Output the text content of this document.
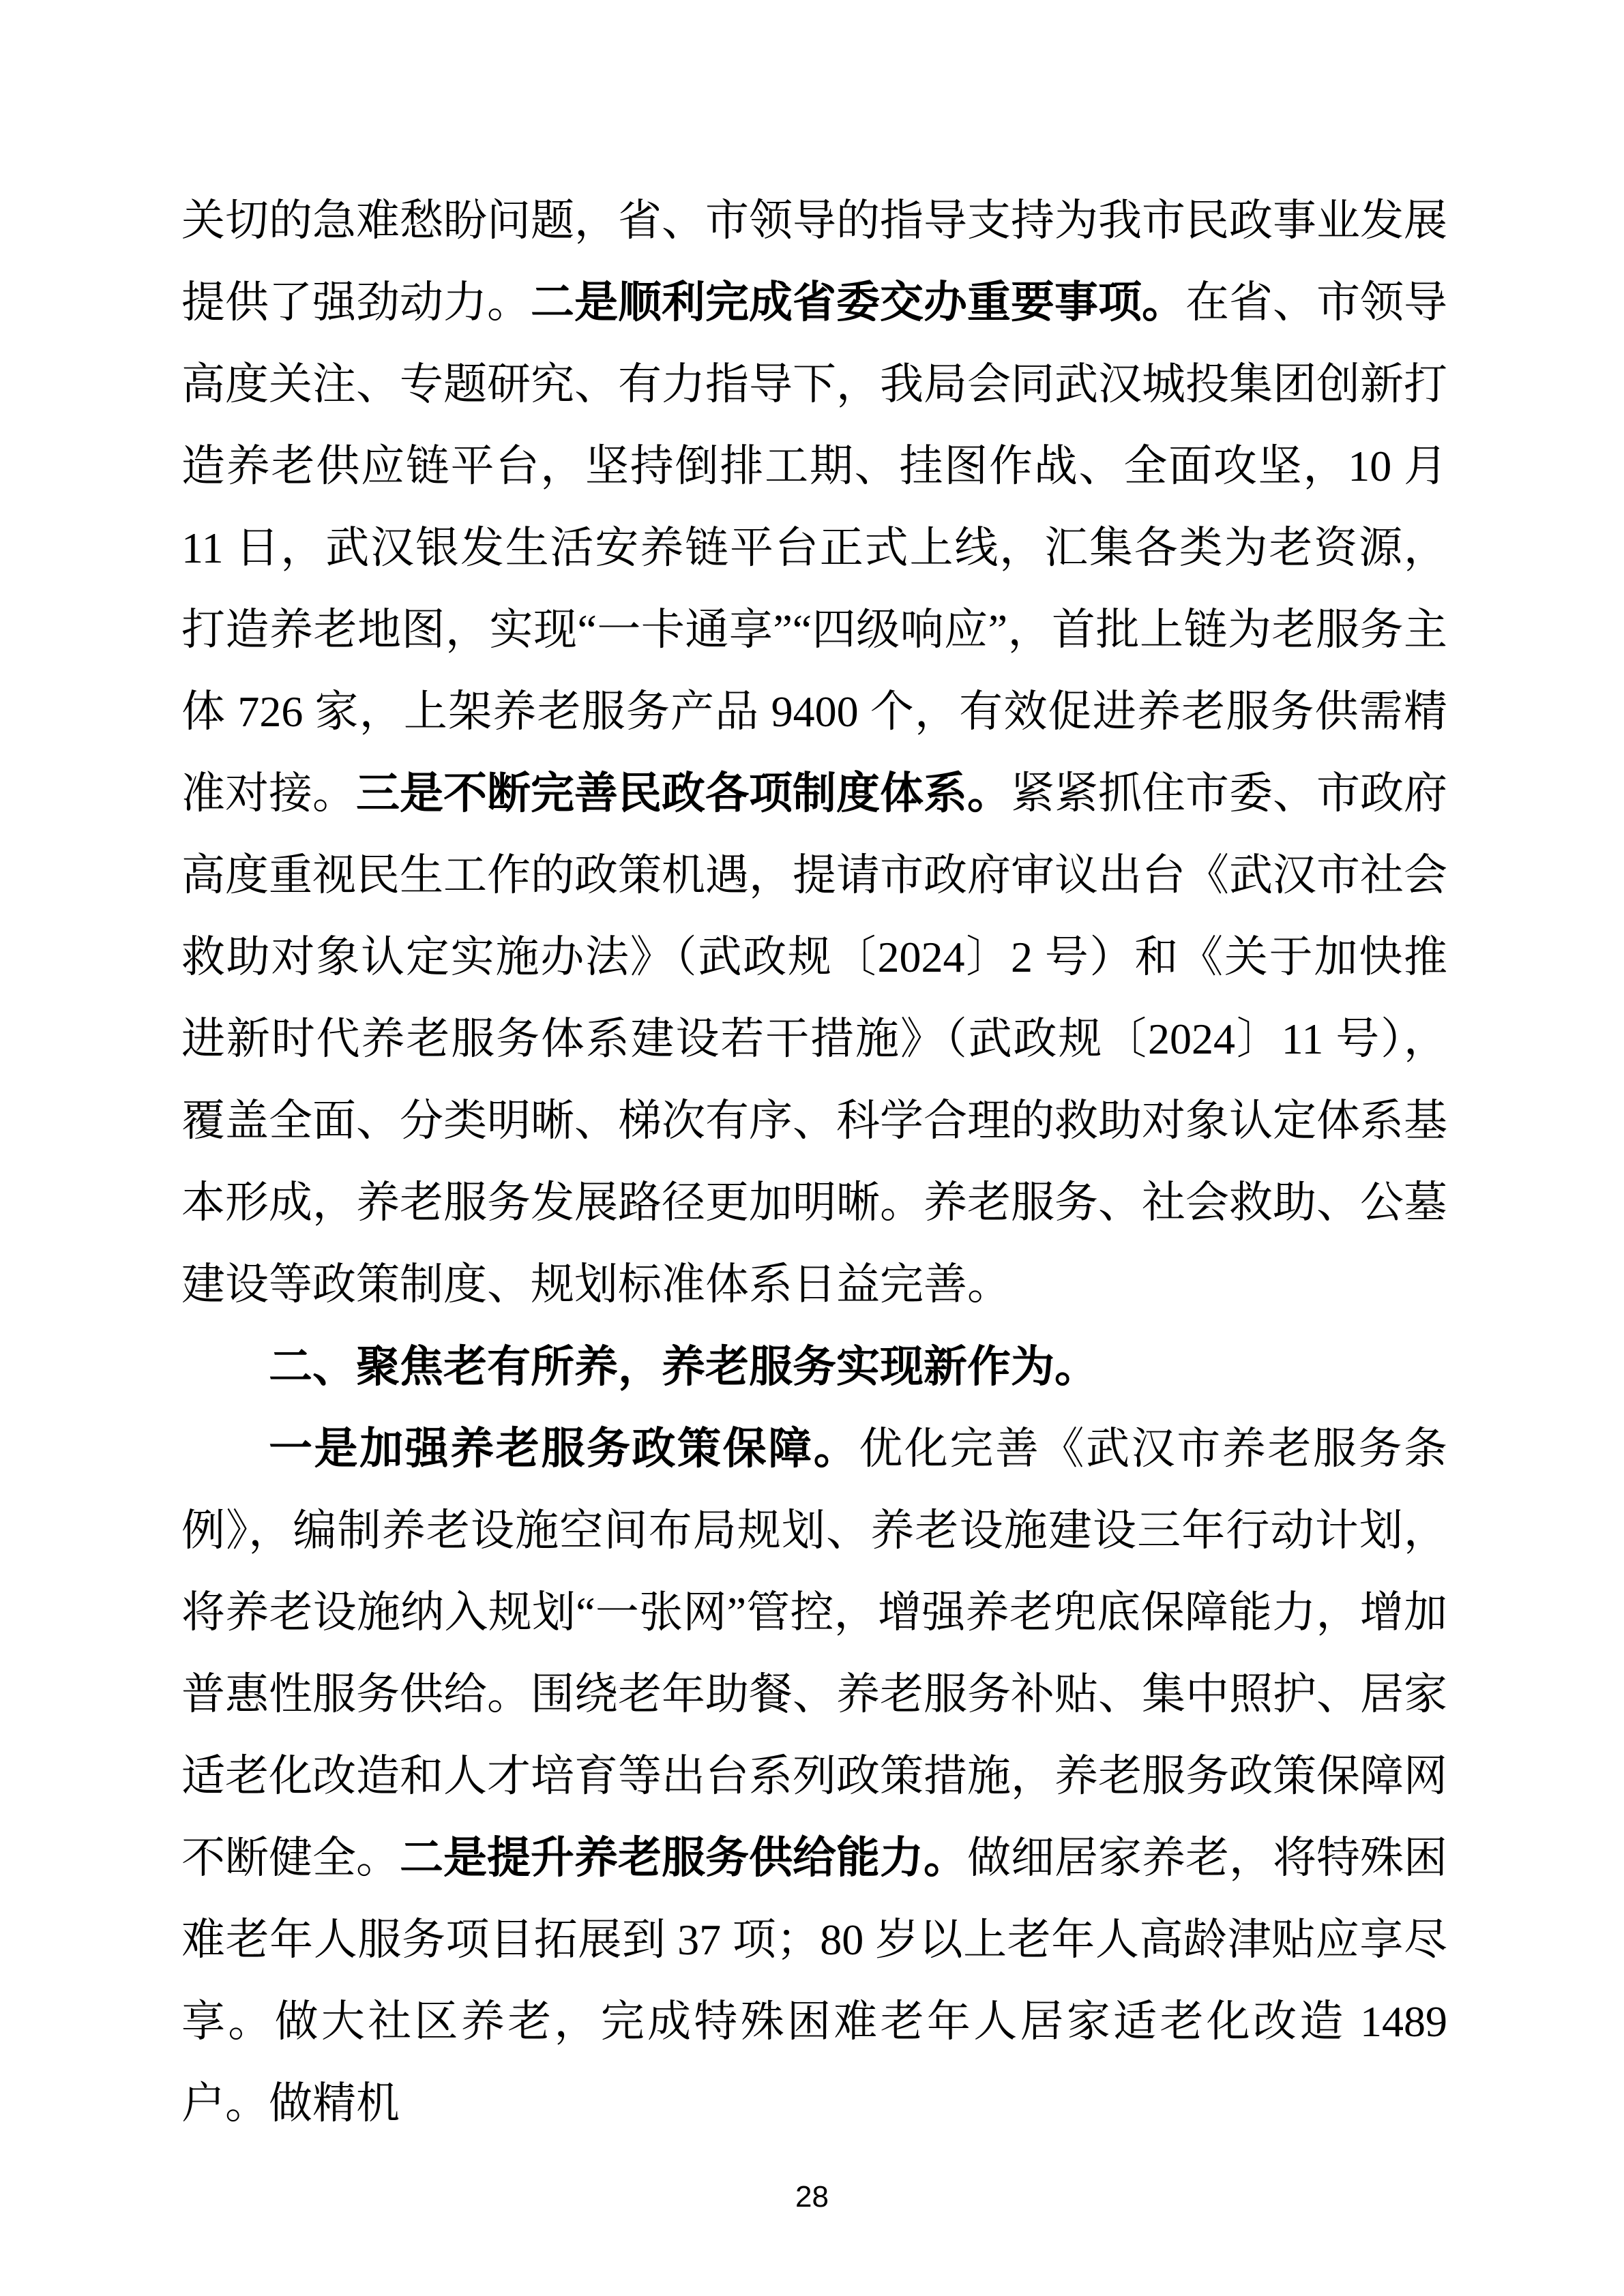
关切的急难愁盼问题，省、市领导的指导支持为我市民政事业发展提供了强劲动力。二是顺利完成省委交办重要事项。在省、市领导高度关注、专题研究、有力指导下，我局会同武汉城投集团创新打造养老供应链平台，坚持倒排工期、挂图作战、全面攻坚，10 月 11 日，武汉银发生活安养链平台正式上线，汇集各类为老资源，打造养老地图，实现“一卡通享”“四级响应”，首批上链为老服务主体 726 家，上架养老服务产品 9400 个，有效促进养老服务供需精准对接。三是不断完善民政各项制度体系。紧紧抓住市委、市政府高度重视民生工作的政策机遇，提请市政府审议出台《武汉市社会救助对象认定实施办法》（武政规〔2024〕2 号）和《关于加快推进新时代养老服务体系建设若干措施》（武政规〔2024〕11 号），覆盖全面、分类明晰、梯次有序、科学合理的救助对象认定体系基本形成，养老服务发展路径更加明晰。养老服务、社会救助、公墓建设等政策制度、规划标准体系日益完善。

二、聚焦老有所养，养老服务实现新作为。

一是加强养老服务政策保障。优化完善《武汉市养老服务条例》，编制养老设施空间布局规划、养老设施建设三年行动计划，将养老设施纳入规划“一张网”管控，增强养老兜底保障能力，增加普惠性服务供给。围绕老年助餐、养老服务补贴、集中照护、居家适老化改造和人才培育等出台系列政策措施，养老服务政策保障网不断健全。二是提升养老服务供给能力。做细居家养老，将特殊困难老年人服务项目拓展到 37 项；80 岁以上老年人高龄津贴应享尽享。做大社区养老，完成特殊困难老年人居家适老化改造 1489 户。做精机

28
